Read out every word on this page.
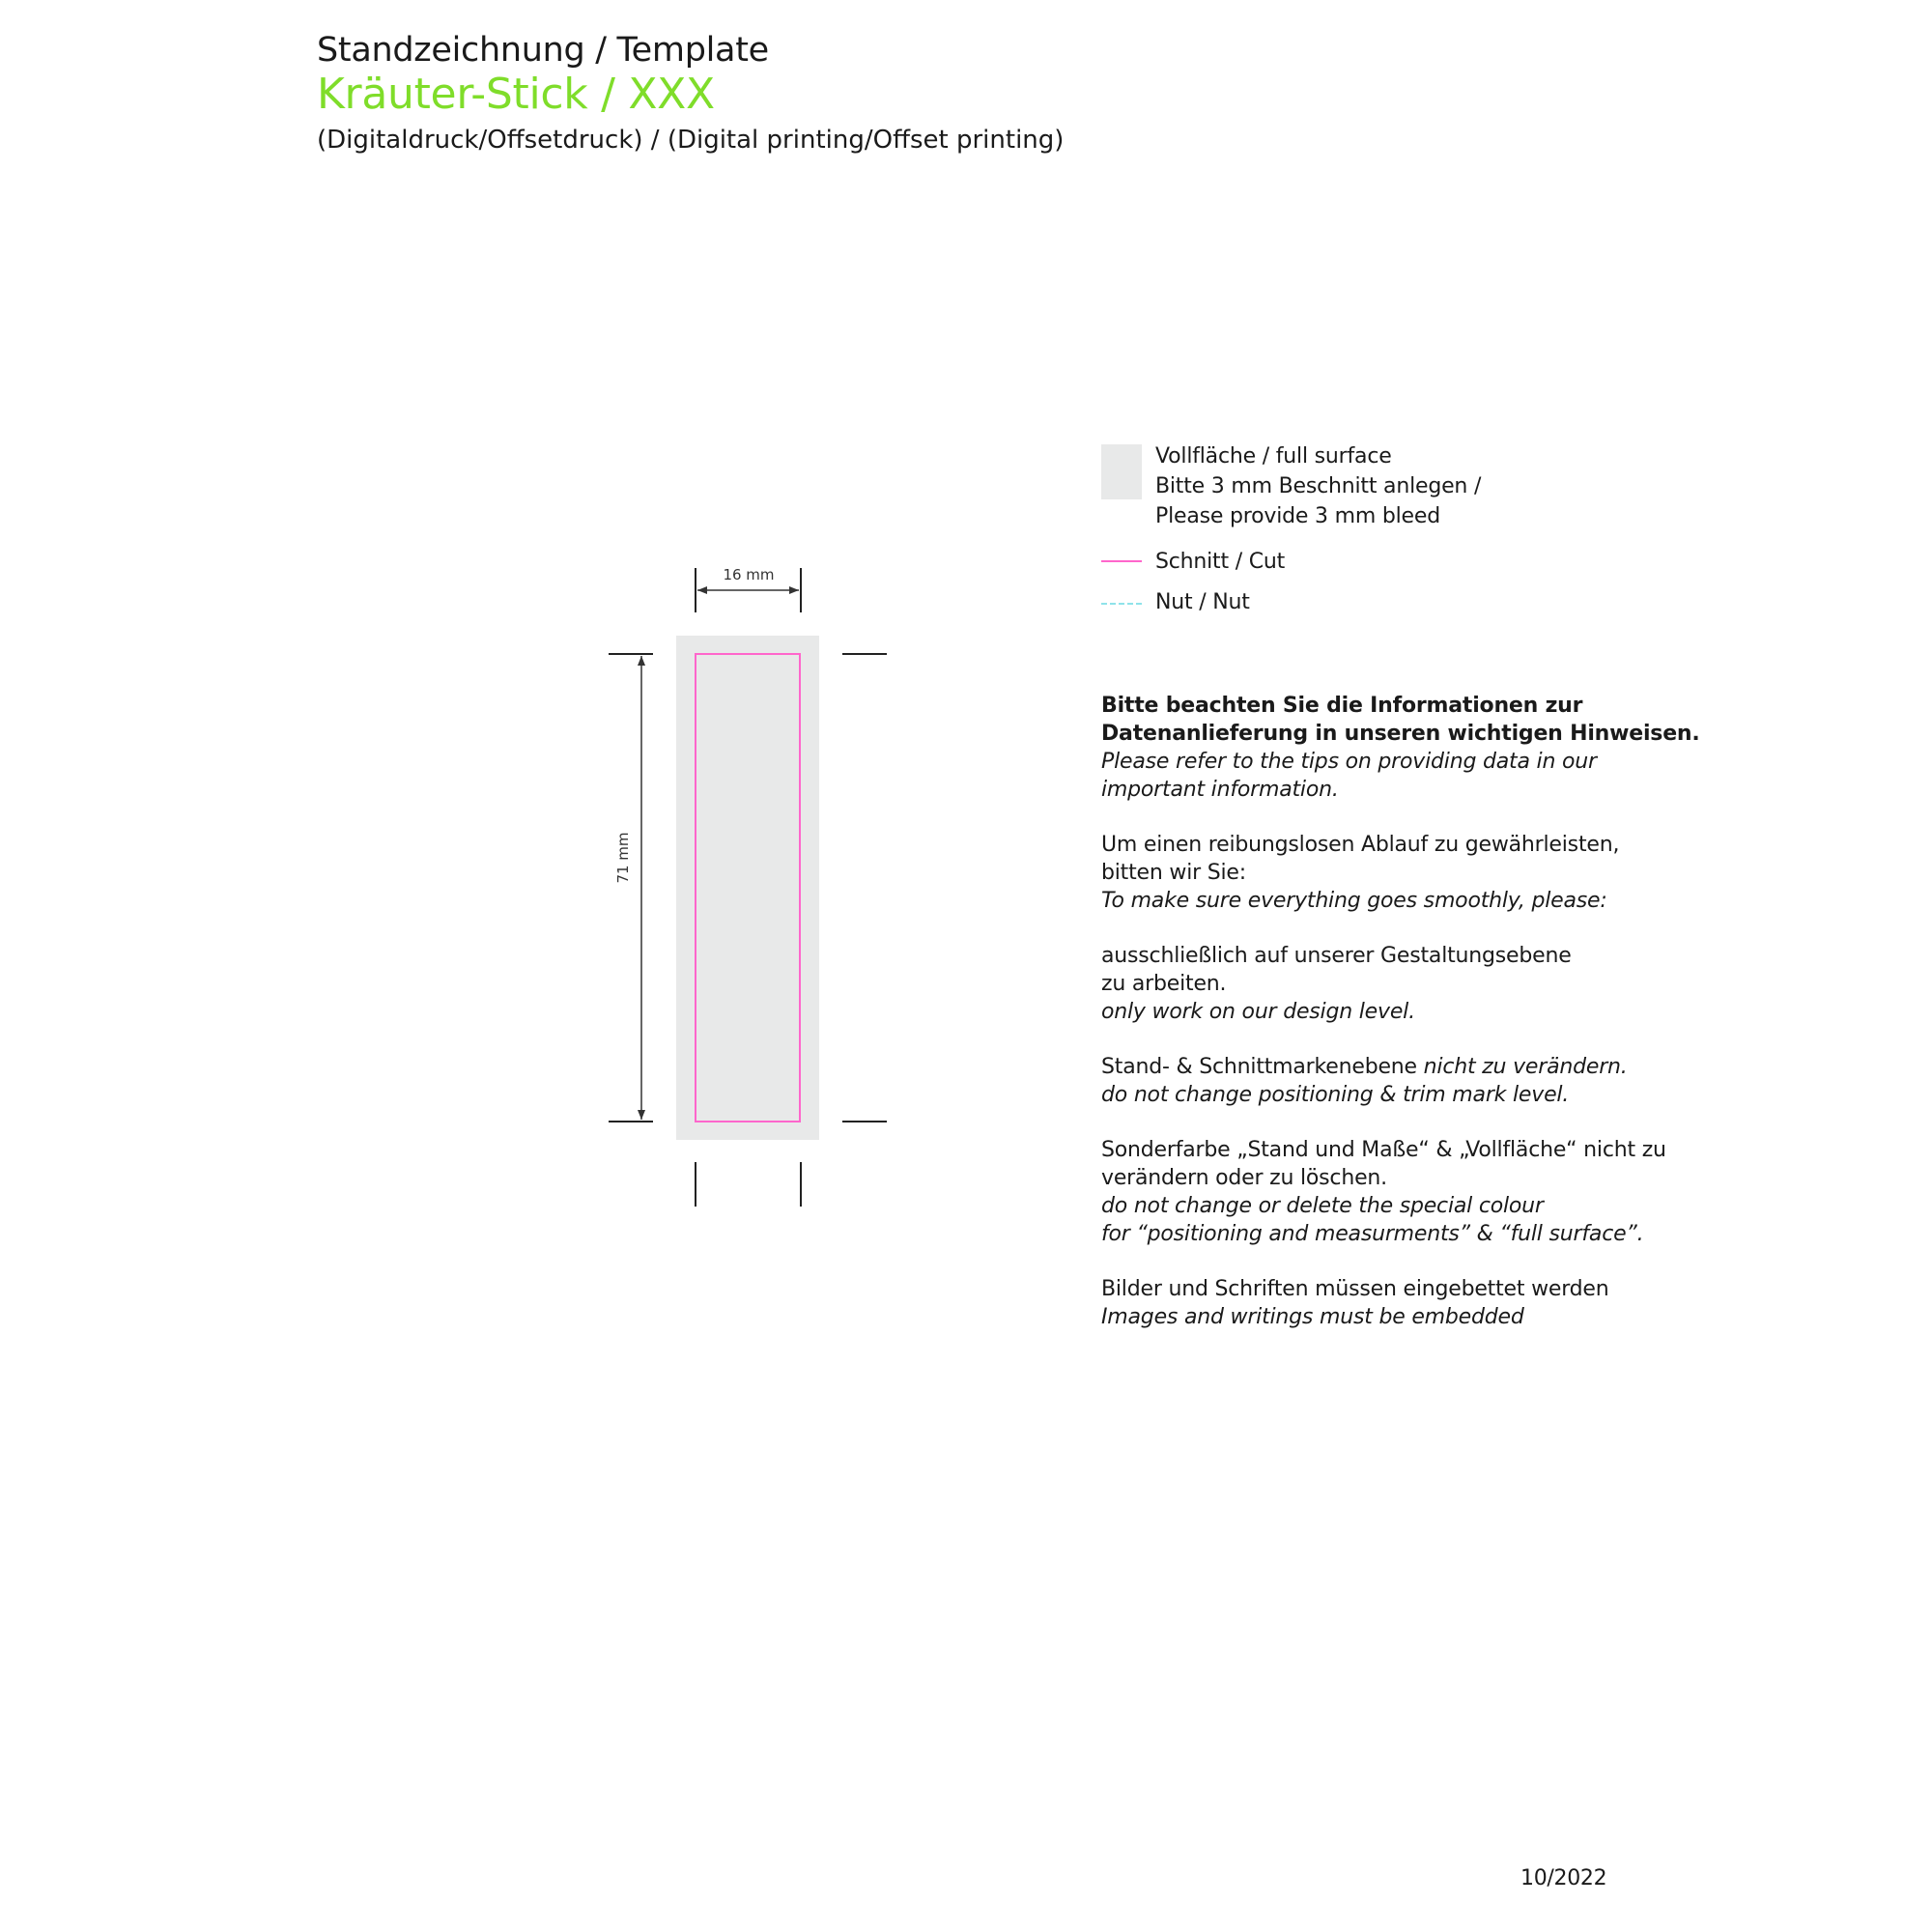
Standzeichnung / Template
Kräuter-Stick / XXX
(Digitaldruck/Offsetdruck) / (Digital printing/Offset printing)
16 mm
71 mm
Vollfläche / full surface
Bitte 3 mm Beschnitt anlegen /
Please provide 3 mm bleed
Schnitt / Cut
Nut / Nut

Bitte beachten Sie die Informationen zur
Datenanlieferung in unseren wichtigen Hinweisen.
Please refer to the tips on providing data in our
important information.

Um einen reibungslosen Ablauf zu gewährleisten,
bitten wir Sie:
To make sure everything goes smoothly, please:

ausschließlich auf unserer Gestaltungsebene
zu arbeiten.
only work on our design level.

Stand- & Schnittmarkenebene nicht zu verändern.
do not change positioning & trim mark level.

Sonderfarbe „Stand und Maße“ & „Vollfläche“ nicht zu
verändern oder zu löschen.
do not change or delete the special colour
for “positioning and measurments” & “full surface”.

Bilder und Schriften müssen eingebettet werden
Images and writings must be embedded

10/2022
